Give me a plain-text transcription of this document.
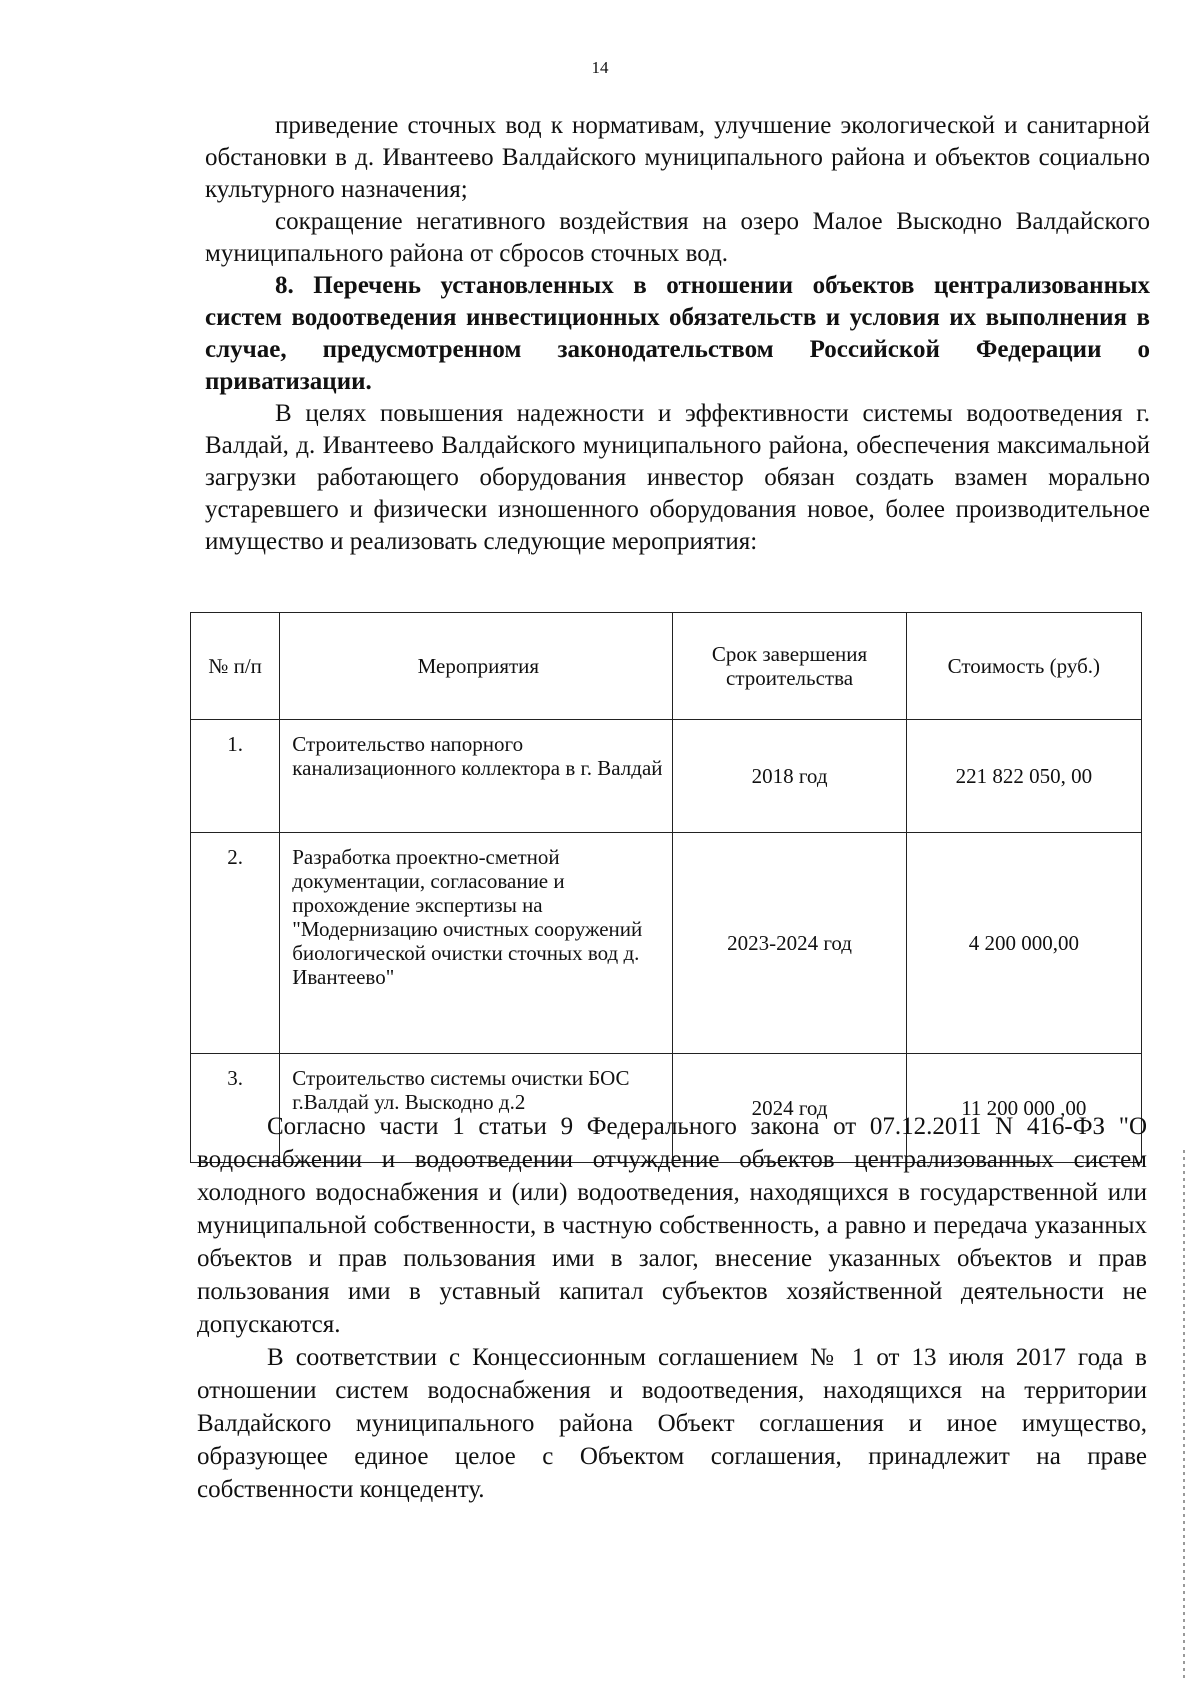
14

приведение сточных вод к нормативам, улучшение экологической и санитарной обстановки в д. Ивантеево Валдайского муниципального района и объектов социально культурного назначения;

сокращение негативного воздействия на озеро Малое Выскодно Валдайского муниципального района от сбросов сточных вод.

8. Перечень установленных в отношении объектов централизованных систем водоотведения инвестиционных обязательств и условия их выполнения в случае, предусмотренном законодательством Российской Федерации о приватизации.

В целях повышения надежности и эффективности системы водоотведения г. Валдай, д. Ивантеево Валдайского муниципального района, обеспечения максимальной загрузки работающего оборудования инвестор обязан создать взамен морально устаревшего и физически изношенного оборудования новое, более производительное имущество и реализовать следующие мероприятия:

№ п/п	Мероприятия	Срок завершения строительства	Стоимость (руб.)
1.	Строительство напорного канализационного коллектора в г. Валдай	2018 год	221 822 050, 00
2.	Разработка проектно-сметной документации, согласование и прохождение экспертизы на "Модернизацию очистных сооружений биологической очистки сточных вод д. Ивантеево"	2023-2024 год	4 200 000,00
3.	Строительство системы очистки БОС г.Валдай ул. Выскодно д.2	2024 год	11 200 000 ,00

Согласно части 1 статьи 9 Федерального закона от 07.12.2011 N 416-ФЗ "О водоснабжении и водоотведении отчуждение объектов централизованных систем холодного водоснабжения и (или) водоотведения, находящихся в государственной или муниципальной собственности, в частную собственность, а равно и передача указанных объектов и прав пользования ими в залог, внесение указанных объектов и прав пользования ими в уставный капитал субъектов хозяйственной деятельности не допускаются.

В соответствии с Концессионным соглашением № 1 от 13 июля 2017 года в отношении систем водоснабжения и водоотведения, находящихся на территории Валдайского муниципального района Объект соглашения и иное имущество, образующее единое целое с Объектом соглашения, принадлежит на праве собственности концеденту.
